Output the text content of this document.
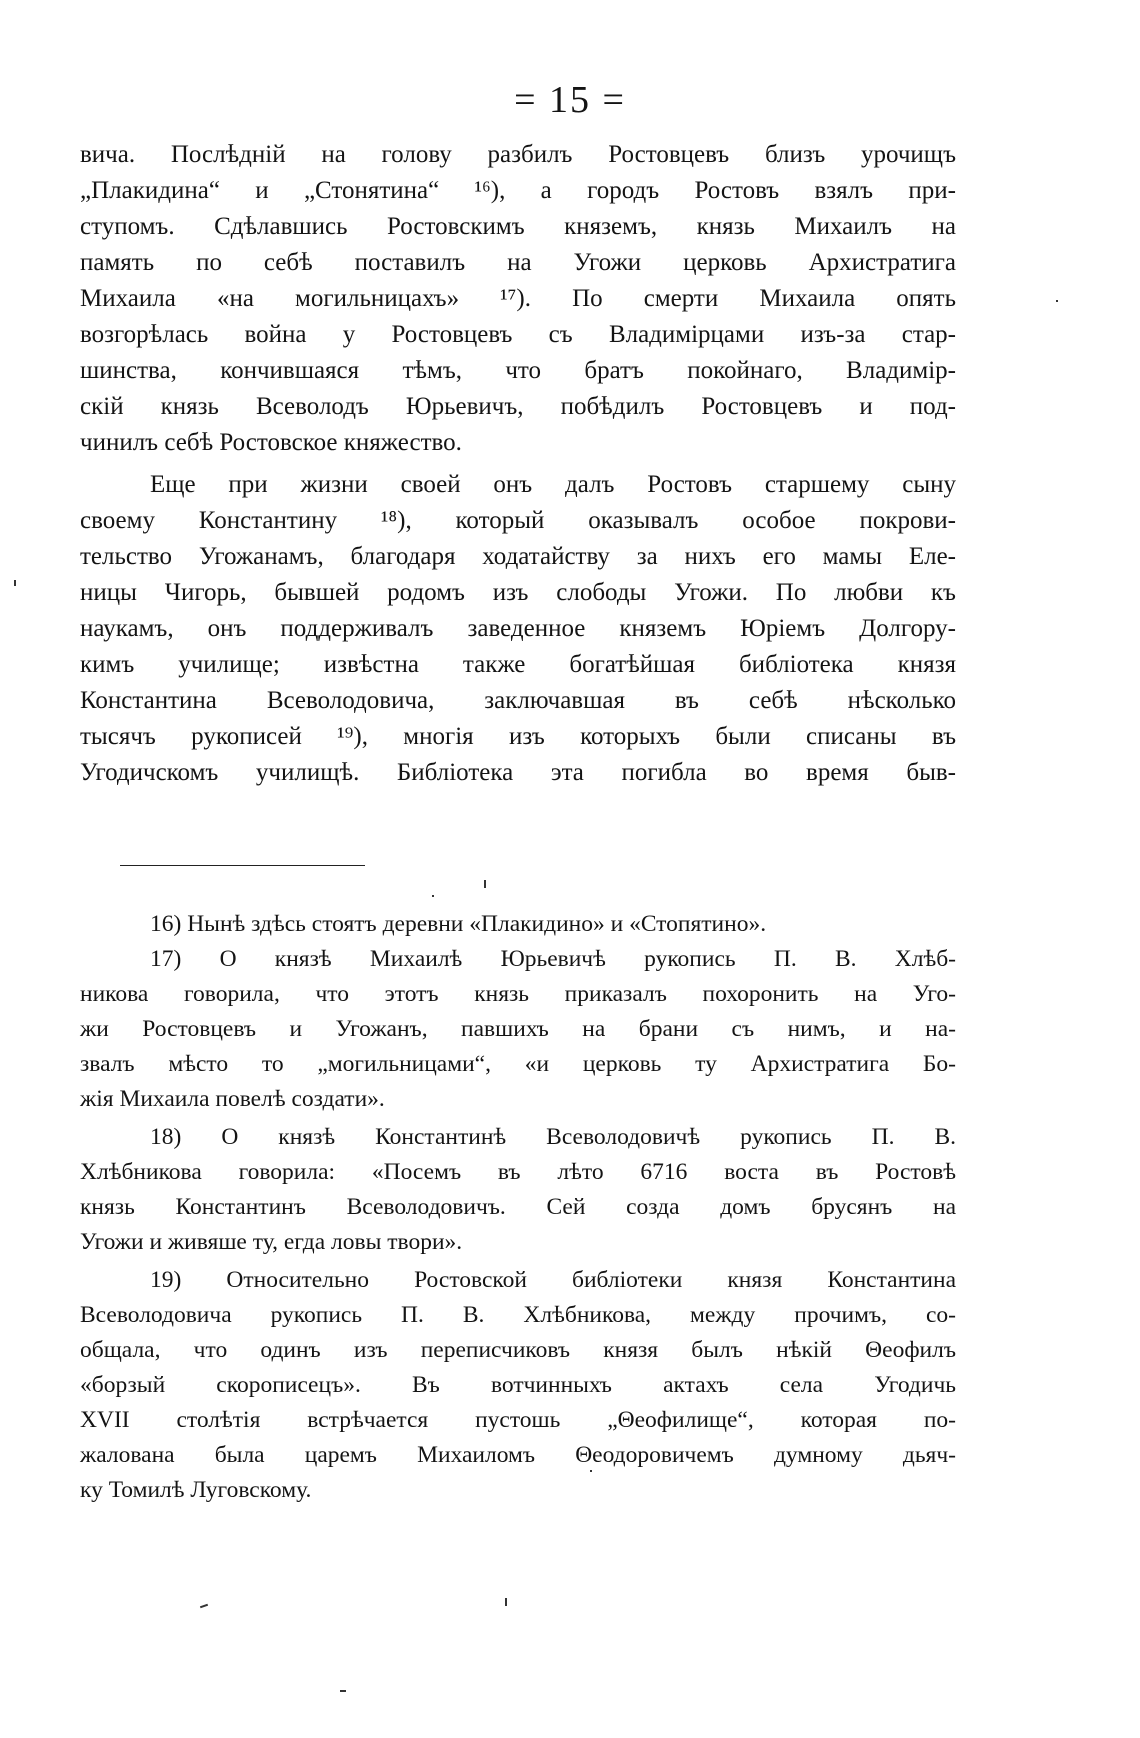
= 15 =
вича. Послѣдній на голову разбилъ Ростовцевъ близъ урочищъ
„Плакидина“ и „Стонятина“ ¹⁶), а городъ Ростовъ взялъ при-
ступомъ. Сдѣлавшись Ростовскимъ княземъ, князь Михаилъ на
память по себѣ поставилъ на Угожи церковь Архистратига
Михаила «на могильницахъ» ¹⁷). По смерти Михаила опять
возгорѣлась война у Ростовцевъ съ Владимірцами изъ-за стар-
шинства, кончившаяся тѣмъ, что братъ покойнаго, Владимір-
скій князь Всеволодъ Юрьевичъ, побѣдилъ Ростовцевъ и под-
чинилъ себѣ Ростовское княжество.
Еще при жизни своей онъ далъ Ростовъ старшему сыну
своему Константину ¹⁸), который оказывалъ особое покрови-
тельство Угожанамъ, благодаря ходатайству за нихъ его мамы Еле-
ницы Чигорь, бывшей родомъ изъ слободы Угожи. По любви къ
наукамъ, онъ поддерживалъ заведенное княземъ Юріемъ Долгору-
кимъ училище; извѣстна также богатѣйшая библіотека князя
Константина Всеволодовича, заключавшая въ себѣ нѣсколько
тысячъ рукописей ¹⁹), многія изъ которыхъ были списаны въ
Угодичскомъ училищѣ. Библіотека эта погибла во время быв-
16) Нынѣ здѣсь стоятъ деревни «Плакидино» и «Стопятино».
17) О князѣ Михаилѣ Юрьевичѣ рукопись П. В. Хлѣб-
никова говорила, что этотъ князь приказалъ похоронить на Уго-
жи Ростовцевъ и Угожанъ, павшихъ на брани съ нимъ, и на-
звалъ мѣсто то „могильницами“, «и церковь ту Архистратига Бо-
жія Михаила повелѣ создати».
18) О князѣ Константинѣ Всеволодовичѣ рукопись П. В.
Хлѣбникова говорила: «Посемъ въ лѣто 6716 воста въ Ростовѣ
князь Константинъ Всеволодовичъ. Сей созда домъ брусянъ на
Угожи и живяше ту, егда ловы твори».
19) Относительно Ростовской библіотеки князя Константина
Всеволодовича рукопись П. В. Хлѣбникова, между прочимъ, со-
общала, что одинъ изъ переписчиковъ князя былъ нѣкій Θеофилъ
«борзый скорописецъ». Въ вотчинныхъ актахъ села Угодичь
XVII столѣтія встрѣчается пустошь „Θеофилище“, которая по-
жалована была царемъ Михаиломъ Θеодоровичемъ думному дьяч-
ку Томилѣ Луговскому.
